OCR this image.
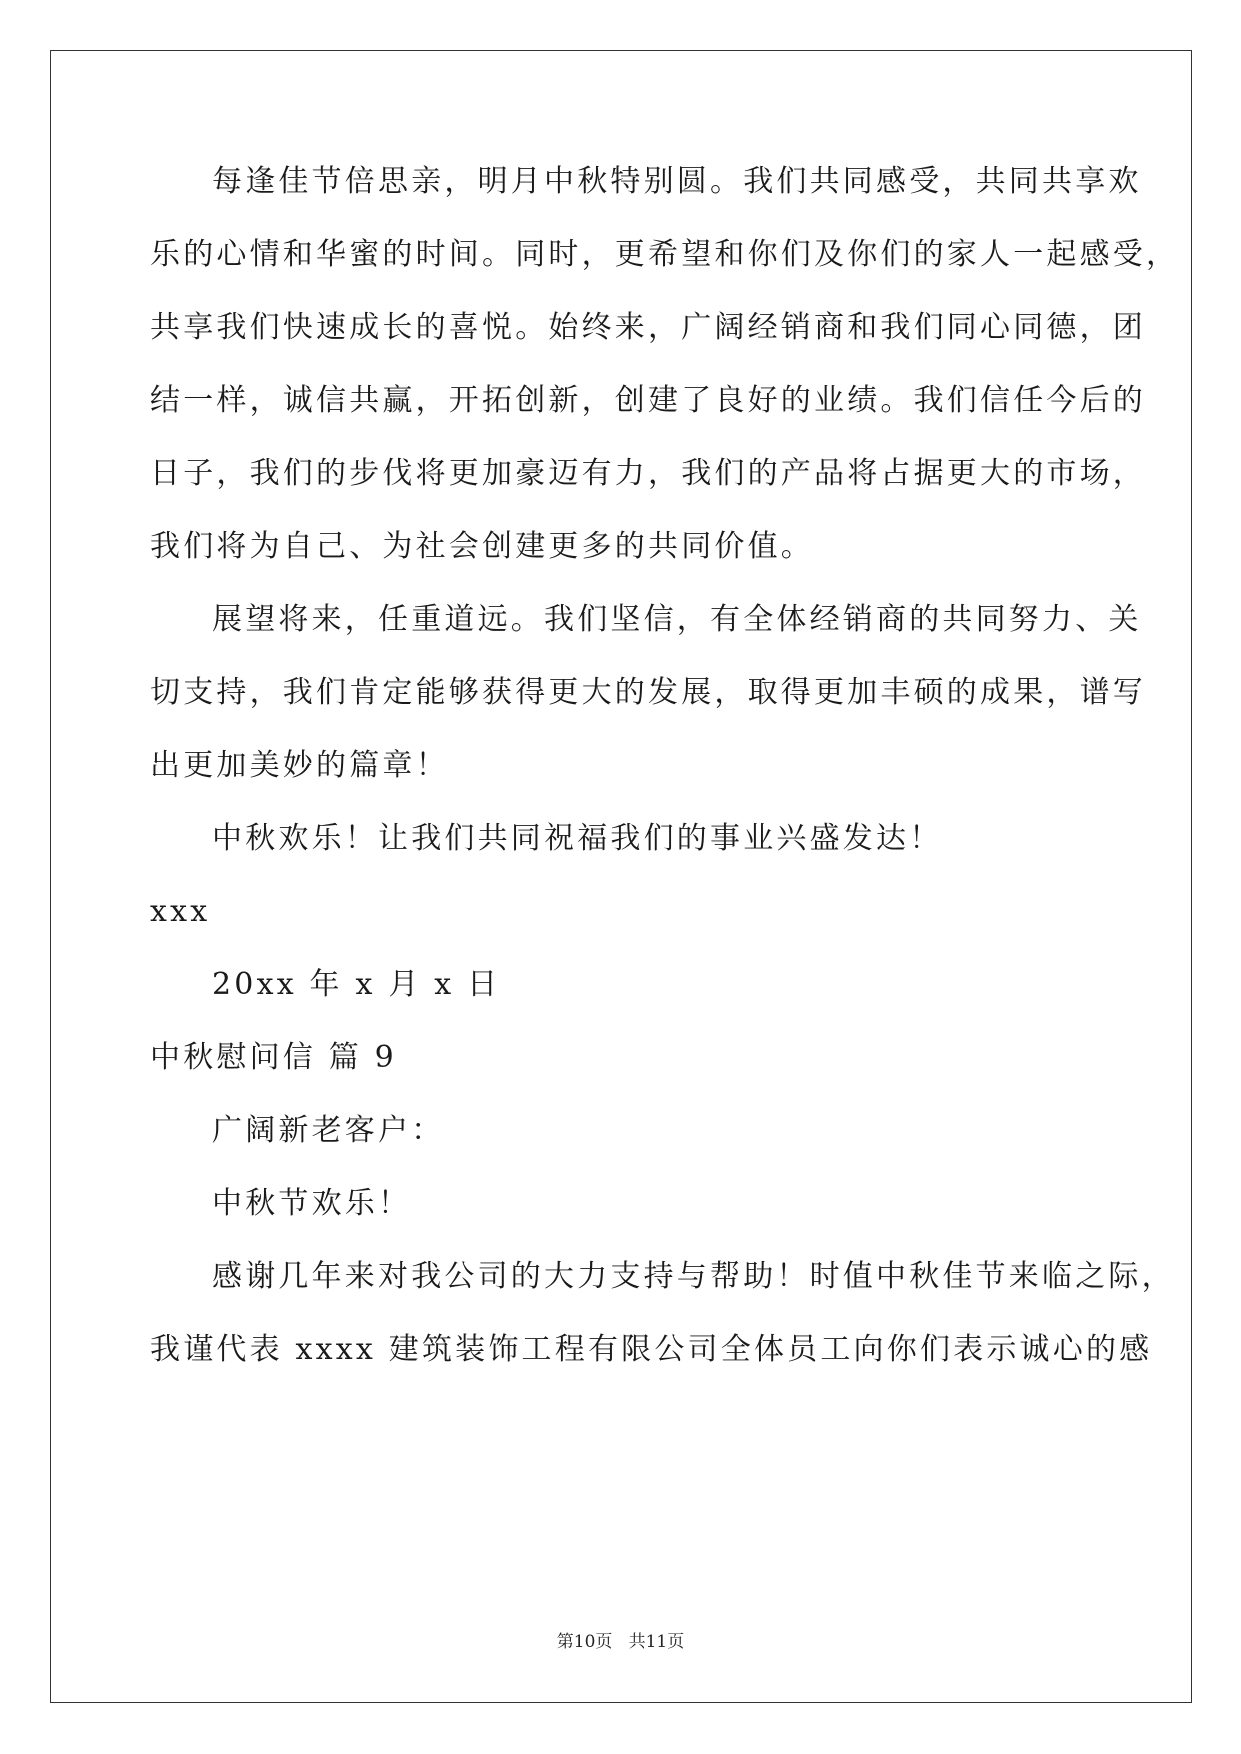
每逢佳节倍思亲，明月中秋特别圆。我们共同感受，共同共享欢
乐的心情和华蜜的时间。同时，更希望和你们及你们的家人一起感受，
共享我们快速成长的喜悦。始终来，广阔经销商和我们同心同德，团
结一样，诚信共赢，开拓创新，创建了良好的业绩。我们信任今后的
日子，我们的步伐将更加豪迈有力，我们的产品将占据更大的市场，
我们将为自己、为社会创建更多的共同价值。
展望将来，任重道远。我们坚信，有全体经销商的共同努力、关
切支持，我们肯定能够获得更大的发展，取得更加丰硕的成果，谱写
出更加美妙的篇章！
中秋欢乐！让我们共同祝福我们的事业兴盛发达！
xxx
20xx 年 x 月 x 日
中秋慰问信 篇 9
广阔新老客户：
中秋节欢乐！
感谢几年来对我公司的大力支持与帮助！时值中秋佳节来临之际，
我谨代表 xxxx 建筑装饰工程有限公司全体员工向你们表示诚心的感
第10页 共11页
